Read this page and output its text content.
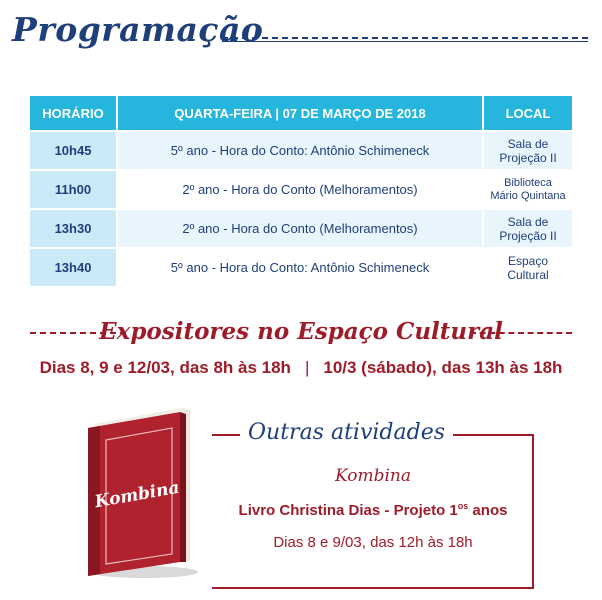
Programação
HORÁRIO	QUARTA-FEIRA | 07 DE MARÇO DE 2018	LOCAL
10h45	5º ano - Hora do Conto: Antônio Schimeneck	Sala de
Projeção II
11h00	2º ano - Hora do Conto (Melhoramentos)	Biblioteca
Mário Quintana
13h30	2º ano - Hora do Conto (Melhoramentos)	Sala de
Projeção II
13h40	5º ano - Hora do Conto: Antônio Schimeneck	Espaço
Cultural
Expositores no Espaço Cultural
Dias 8, 9 e 12/03, das 8h às 18h | 10/3 (sábado), das 13h às 18h
Kombina
Outras atividades
Kombina
Livro Christina Dias - Projeto $1^{os}$ anos
Dias 8 e 9/03, das 12h às 18h
